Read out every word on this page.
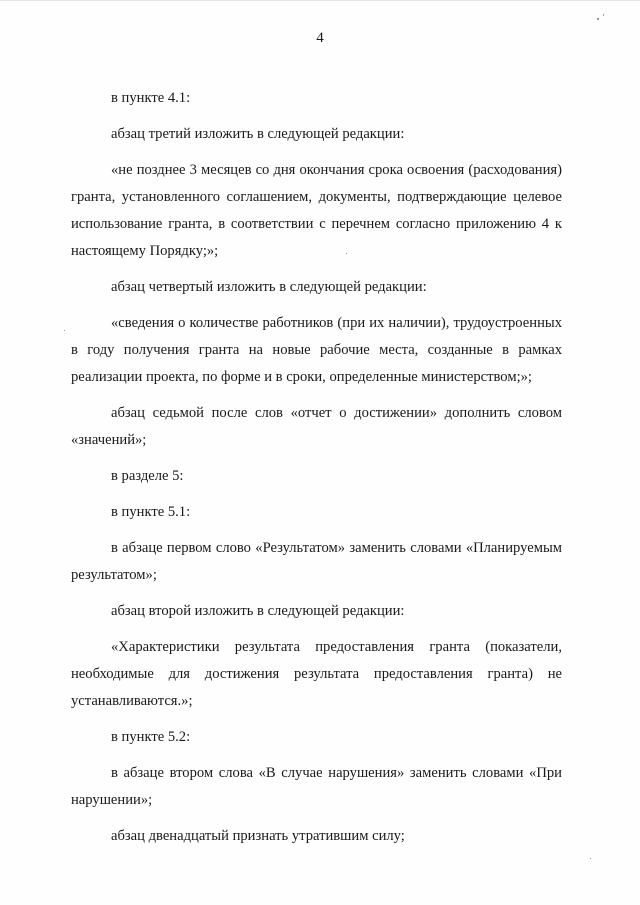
4

в пункте 4.1:

абзац третий изложить в следующей редакции:

«не позднее 3 месяцев со дня окончания срока освоения (расходования) гранта, установленного соглашением, документы, подтверждающие целевое использование гранта, в соответствии с перечнем согласно приложению 4 к настоящему Порядку;»;

абзац четвертый изложить в следующей редакции:

«сведения о количестве работников (при их наличии), трудоустроенных в году получения гранта на новые рабочие места, созданные в рамках реализации проекта, по форме и в сроки, определенные министерством;»;

абзац седьмой после слов «отчет о достижении» дополнить словом «значений»;

в разделе 5:

в пункте 5.1:

в абзаце первом слово «Результатом» заменить словами «Планируемым результатом»;

абзац второй изложить в следующей редакции:

«Характеристики результата предоставления гранта (показатели, необходимые для достижения результата предоставления гранта) не устанавливаются.»;

в пункте 5.2:

в абзаце втором слова «В случае нарушения» заменить словами «При нарушении»;

абзац двенадцатый признать утратившим силу;
